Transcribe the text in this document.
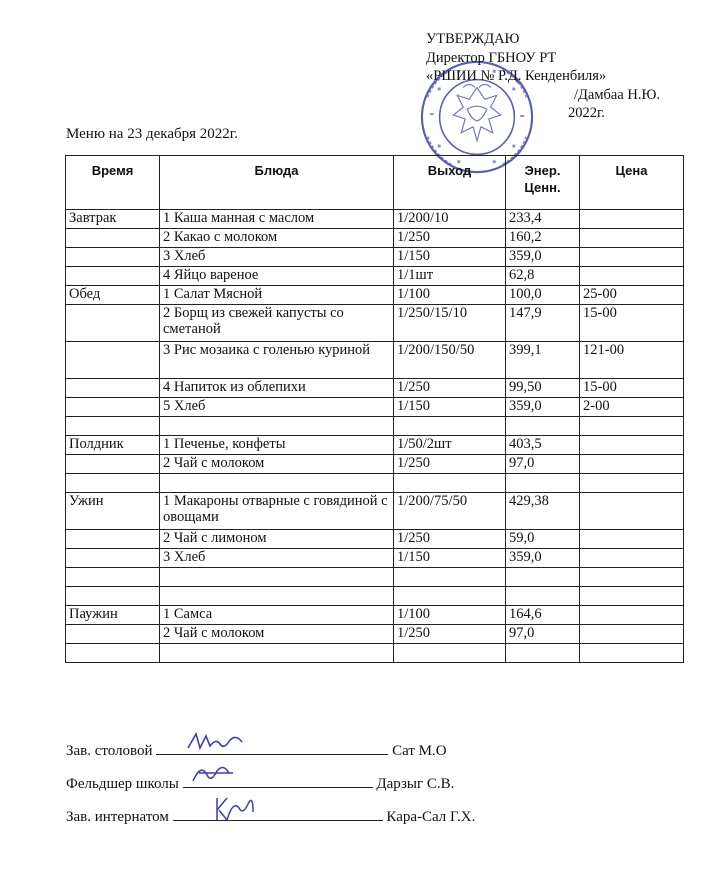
УТВЕРЖДАЮ
Директор ГБНОУ РТ
«РШИИ № Р.Д. Кенденбиля»
/Дамбаа Н.Ю.
2022г.
Меню на 23 декабря 2022г.
Время	Блюда	Выход	Энер. Ценн.	Цена
Завтрак	1 Каша манная с маслом	1/200/10	233,4	
	2 Какао с молоком	1/250	160,2	
	3 Хлеб	1/150	359,0	
	4 Яйцо вареное	1/1шт	62,8	
Обед	1 Салат Мясной	1/100	100,0	25-00
	2 Борщ из свежей капусты со сметаной	1/250/15/10	147,9	15-00
	3 Рис мозаика с голенью куриной	1/200/150/50	399,1	121-00
	4 Напиток из облепихи	1/250	99,50	15-00
	5 Хлеб	1/150	359,0	2-00

Полдник	1 Печенье, конфеты	1/50/2шт	403,5	
	2 Чай с молоком	1/250	97,0	

Ужин	1 Макароны отварные с говядиной с овощами	1/200/75/50	429,38	
	2 Чай с лимоном	1/250	59,0	
	3 Хлеб	1/150	359,0	

Паужин	1 Самса	1/100	164,6	
	2 Чай с молоком	1/250	97,0	

Зав. столовой	Сат М.О
Фельдшер школы	Дарзыг С.В.
Зав. интернатом	Кара-Сал Г.Х.
